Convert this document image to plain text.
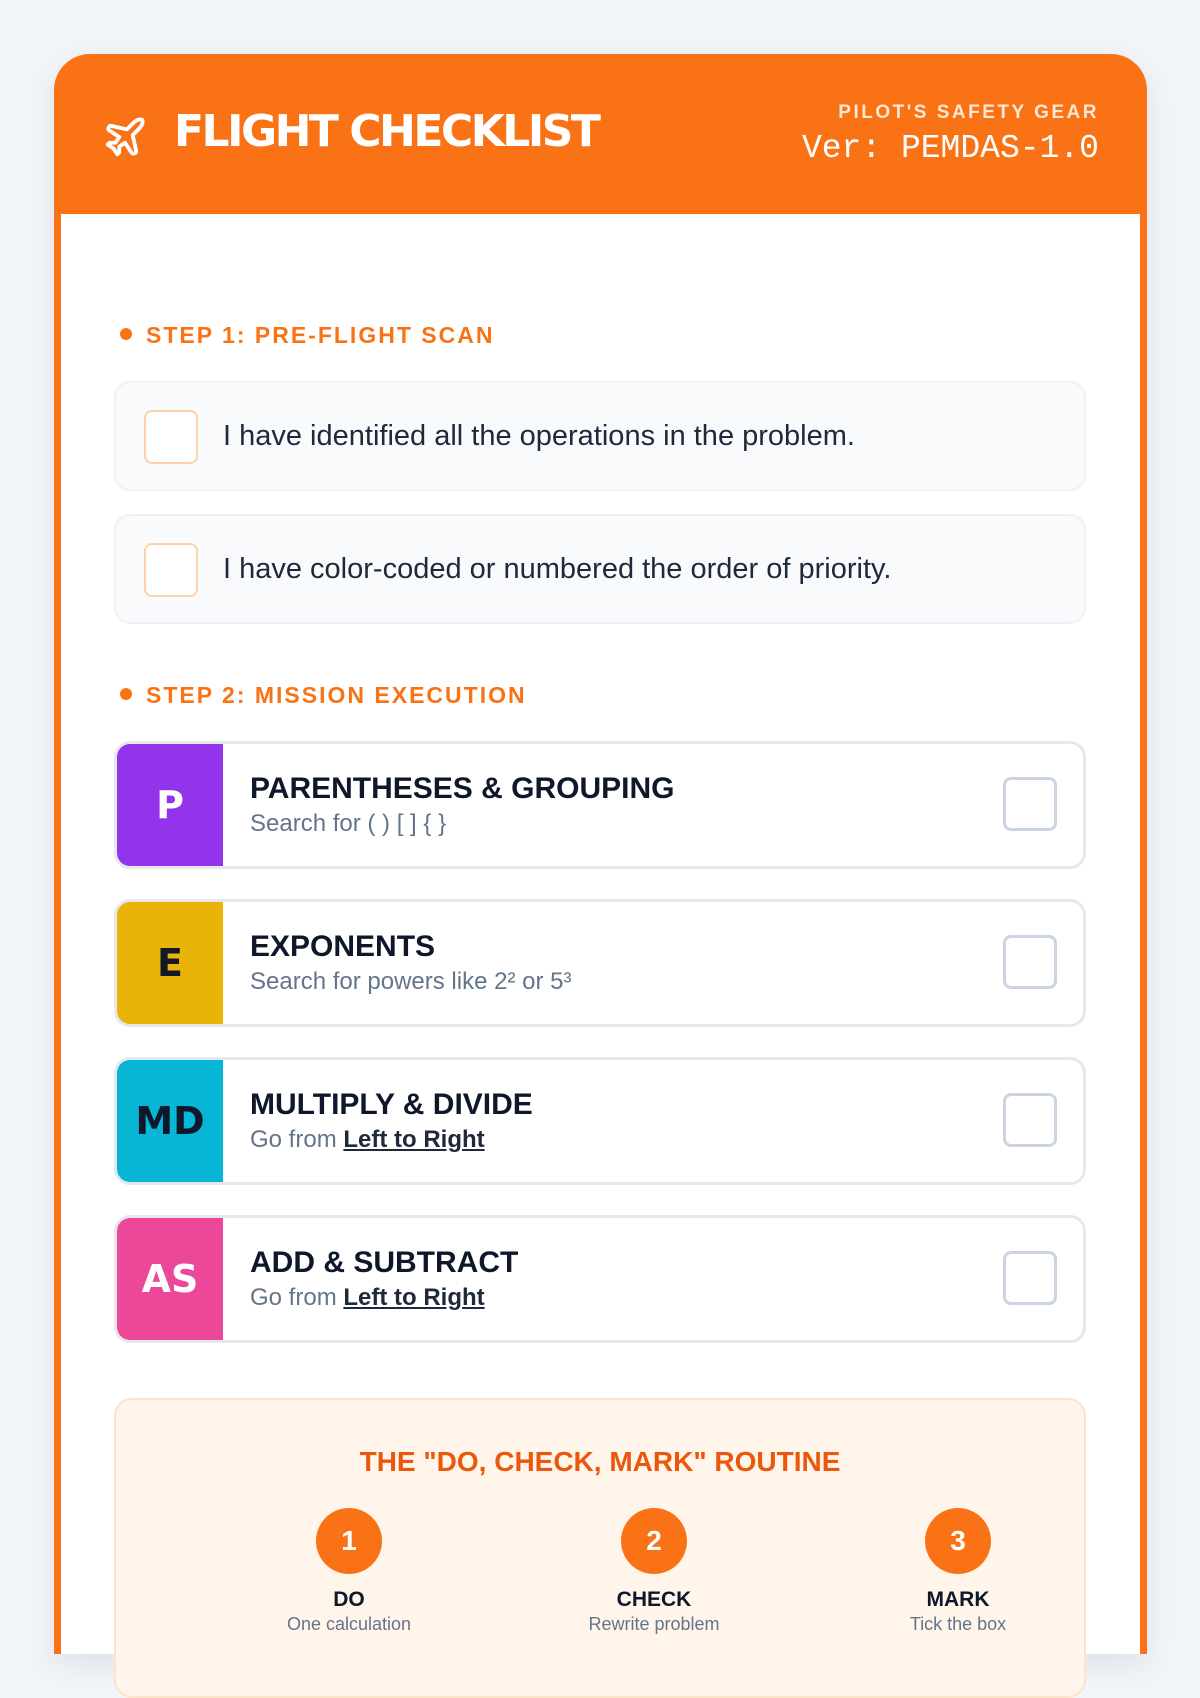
FLIGHT CHECKLIST	PILOT'S SAFETY GEAR
Ver: PEMDAS-1.0
STEP 1: PRE-FLIGHT SCAN
I have identified all the operations in the problem.
I have color-coded or numbered the order of priority.
STEP 2: MISSION EXECUTION
P	PARENTHESES & GROUPING
Search for ( ) [ ] { }
E	EXPONENTS
Search for powers like 2² or 5³
MD	MULTIPLY & DIVIDE
Go from Left to Right
AS	ADD & SUBTRACT
Go from Left to Right
THE "DO, CHECK, MARK" ROUTINE
1
DO
One calculation
2
CHECK
Rewrite problem
3
MARK
Tick the box
